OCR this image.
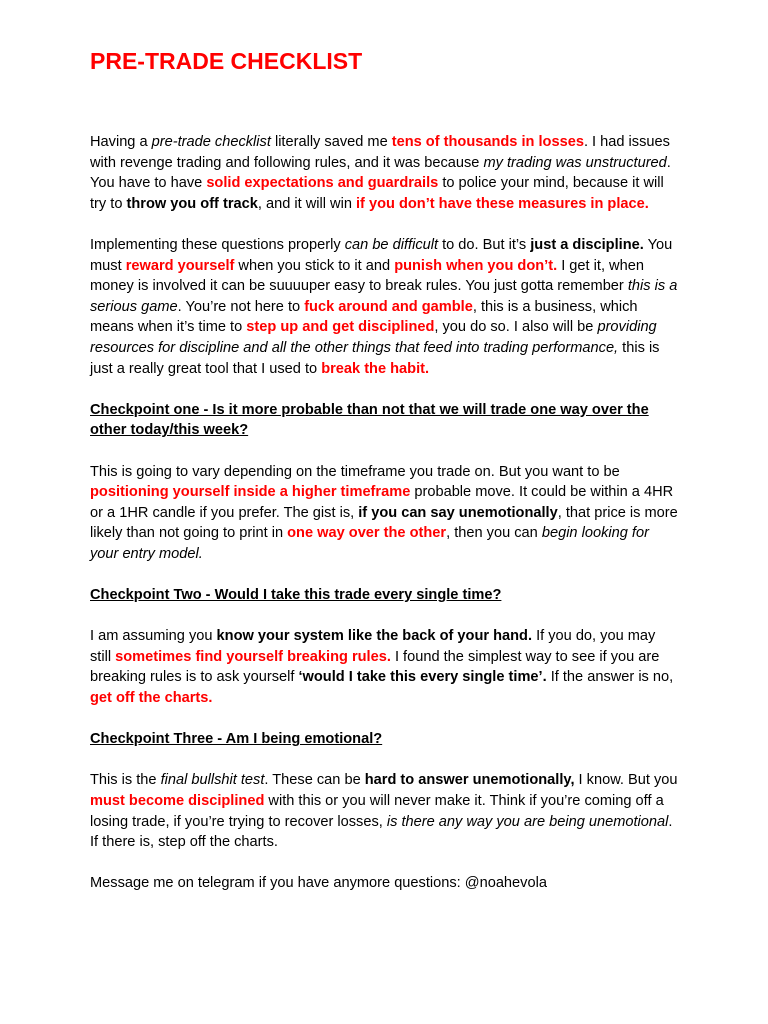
PRE-TRADE CHECKLIST

Having a pre-trade checklist literally saved me tens of thousands in losses. I had issues with revenge trading and following rules, and it was because my trading was unstructured. You have to have solid expectations and guardrails to police your mind, because it will try to throw you off track, and it will win if you don’t have these measures in place.

Implementing these questions properly can be difficult to do. But it’s just a discipline. You must reward yourself when you stick to it and punish when you don’t. I get it, when money is involved it can be suuuuper easy to break rules. You just gotta remember this is a serious game. You’re not here to fuck around and gamble, this is a business, which means when it’s time to step up and get disciplined, you do so. I also will be providing resources for discipline and all the other things that feed into trading performance, this is just a really great tool that I used to break the habit.

Checkpoint one - Is it more probable than not that we will trade one way over the other today/this week?

This is going to vary depending on the timeframe you trade on. But you want to be positioning yourself inside a higher timeframe probable move. It could be within a 4HR or a 1HR candle if you prefer. The gist is, if you can say unemotionally, that price is more likely than not going to print in one way over the other, then you can begin looking for your entry model.

Checkpoint Two - Would I take this trade every single time?

I am assuming you know your system like the back of your hand. If you do, you may still sometimes find yourself breaking rules. I found the simplest way to see if you are breaking rules is to ask yourself ‘would I take this every single time’. If the answer is no, get off the charts.

Checkpoint Three - Am I being emotional?

This is the final bullshit test. These can be hard to answer unemotionally, I know. But you must become disciplined with this or you will never make it. Think if you’re coming off a losing trade, if you’re trying to recover losses, is there any way you are being unemotional. If there is, step off the charts.

Message me on telegram if you have anymore questions: @noahevola
